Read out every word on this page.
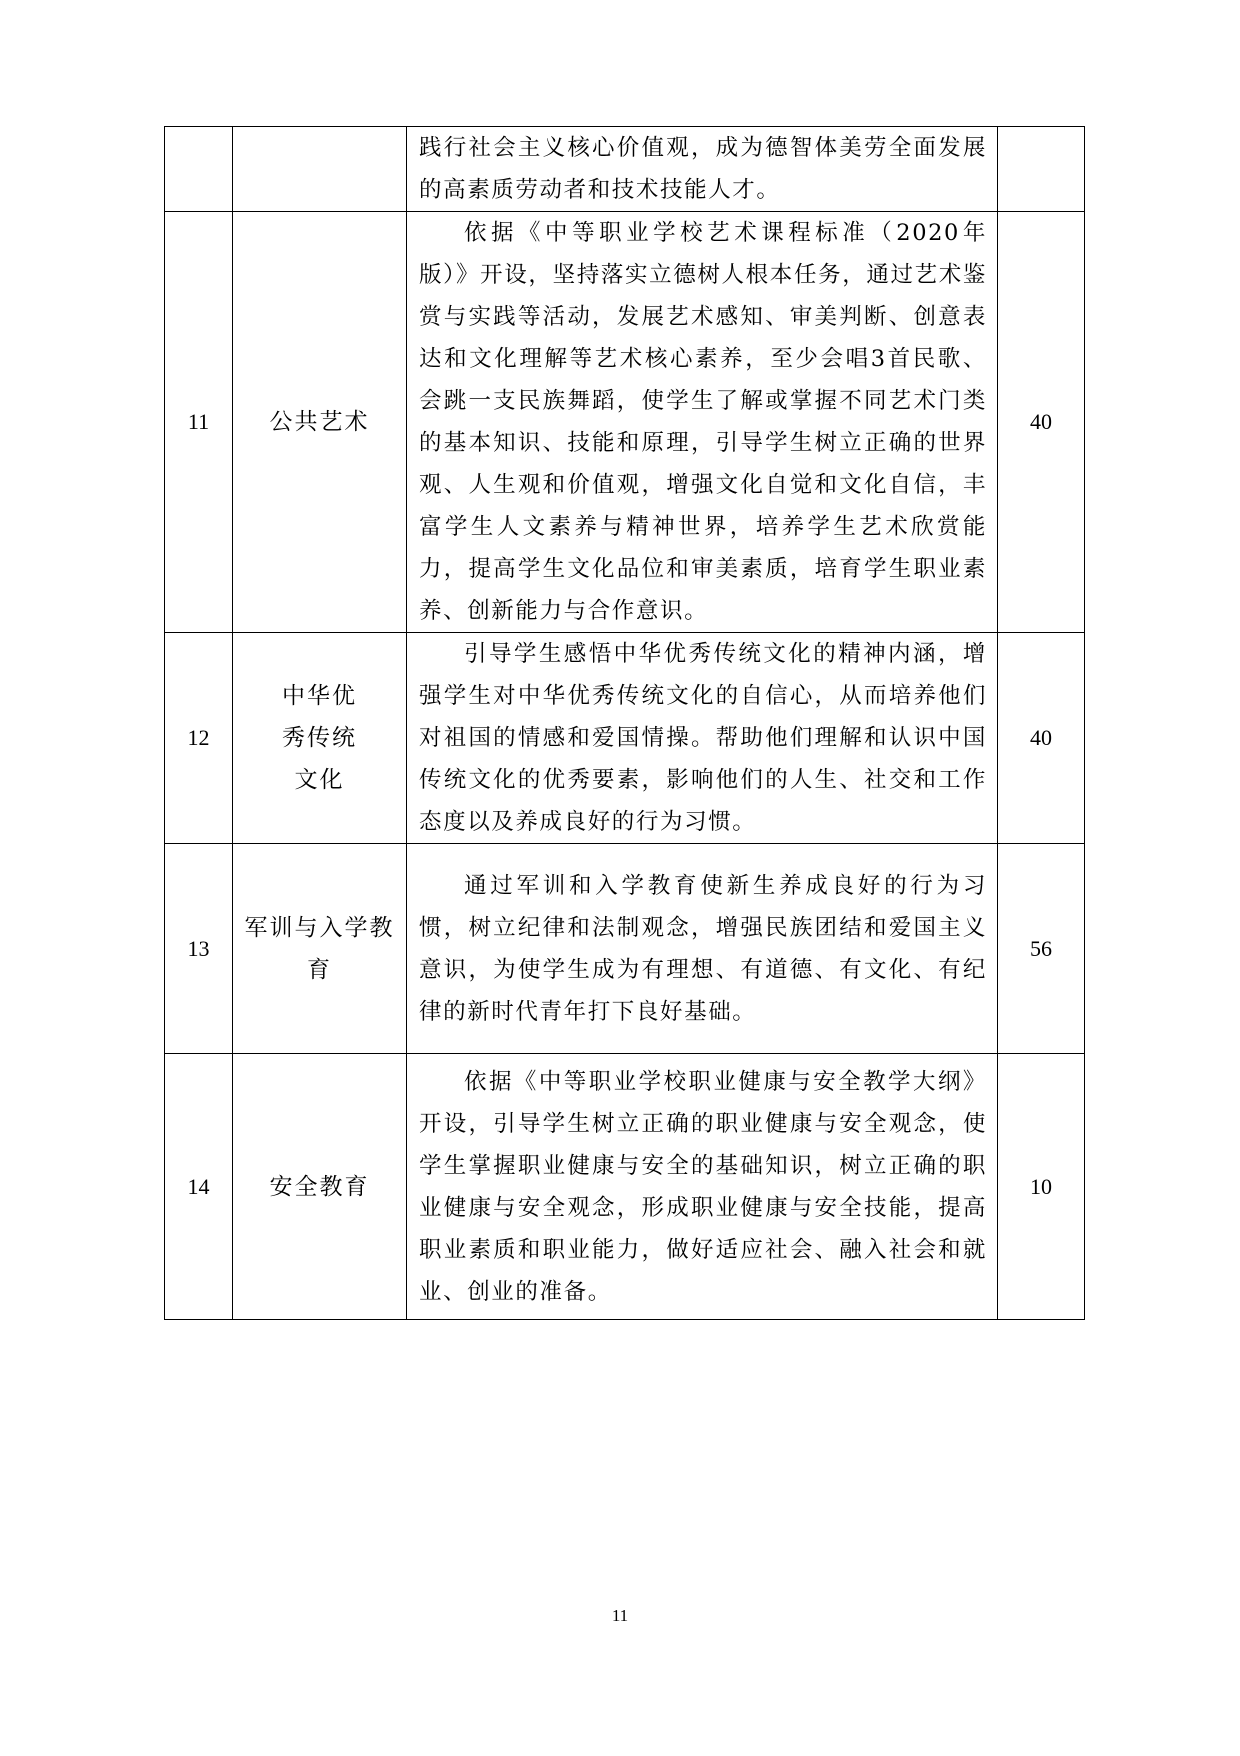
		践行社会主义核心价值观，成为德智体美劳全面发展的高素质劳动者和技术技能人才。	
11	公共艺术	依据《中等职业学校艺术课程标准（2020年版）》开设，坚持落实立德树人根本任务，通过艺术鉴赏与实践等活动，发展艺术感知、审美判断、创意表达和文化理解等艺术核心素养，至少会唱3首民歌、会跳一支民族舞蹈，使学生了解或掌握不同艺术门类的基本知识、技能和原理，引导学生树立正确的世界观、人生观和价值观，增强文化自觉和文化自信，丰富学生人文素养与精神世界，培养学生艺术欣赏能力，提高学生文化品位和审美素质，培育学生职业素养、创新能力与合作意识。	40
12	中华优秀传统文化	引导学生感悟中华优秀传统文化的精神内涵，增强学生对中华优秀传统文化的自信心，从而培养他们对祖国的情感和爱国情操。帮助他们理解和认识中国传统文化的优秀要素，影响他们的人生、社交和工作态度以及养成良好的行为习惯。	40
13	军训与入学教育	通过军训和入学教育使新生养成良好的行为习惯，树立纪律和法制观念，增强民族团结和爱国主义意识，为使学生成为有理想、有道德、有文化、有纪律的新时代青年打下良好基础。	56
14	安全教育	依据《中等职业学校职业健康与安全教学大纲》开设，引导学生树立正确的职业健康与安全观念，使学生掌握职业健康与安全的基础知识，树立正确的职业健康与安全观念，形成职业健康与安全技能，提高职业素质和职业能力，做好适应社会、融入社会和就业、创业的准备。	10
11
